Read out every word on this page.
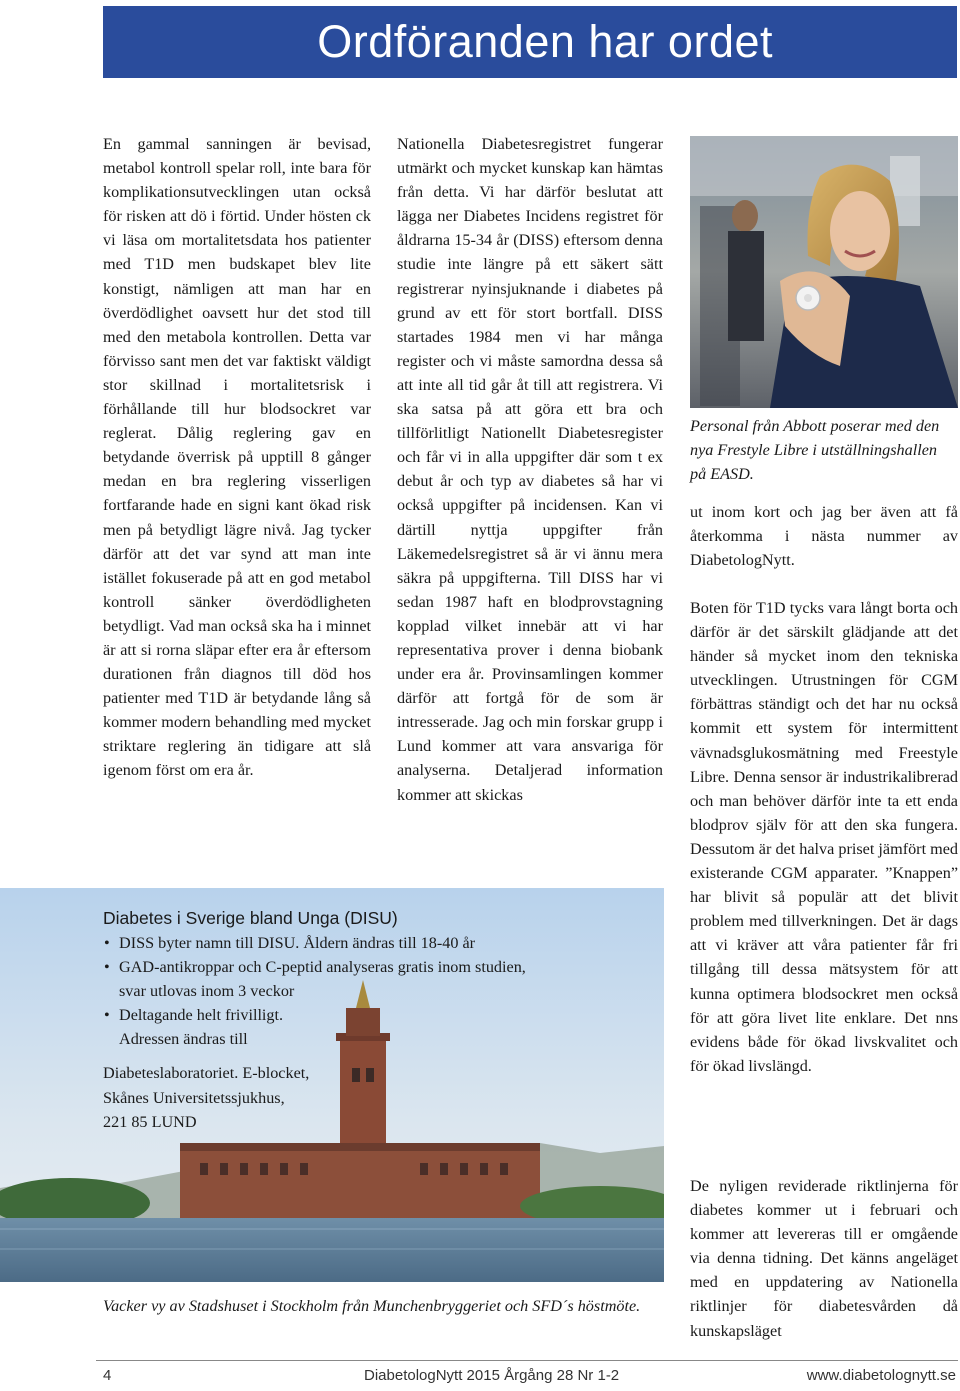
Ordföranden har ordet

En gammal sanningen är bevisad, metabol kontroll spelar roll, inte bara för komplikationsutvecklingen utan också för risken att dö i förtid. Under hösten ck vi läsa om mortalitetsdata hos patienter med T1D men budskapet blev lite konstigt, nämligen att man har en överdödlighet oavsett hur det stod till med den metabola kontrollen. Detta var förvisso sant men det var faktiskt väldigt stor skillnad i mortalitetsrisk i förhållande till hur blodsockret var reglerat. Dålig reglering gav en betydande överrisk på upptill 8 gånger medan en bra reglering visserligen fortfarande hade en signi kant ökad risk men på betydligt lägre nivå. Jag tycker därför att det var synd att man inte istället fokuserade på att en god metabol kontroll sänker överdödligheten betydligt. Vad man också ska ha i minnet är att si rorna släpar efter era år eftersom durationen från diagnos till död hos patienter med T1D är betydande lång så kommer modern behandling med mycket striktare reglering än tidigare att slå igenom först om era år.

Nationella Diabetesregistret fungerar utmärkt och mycket kunskap kan hämtas från detta. Vi har därför beslutat att lägga ner Diabetes Incidens registret för åldrarna 15-34 år (DISS) eftersom denna studie inte längre på ett säkert sätt registrerar nyinsjuknande i diabetes på grund av ett för stort bortfall. DISS startades 1984 men vi har många register och vi måste samordna dessa så att inte all tid går åt till att registrera. Vi ska satsa på att göra ett bra och tillförlitligt Nationellt Diabetesregister och får vi in alla uppgifter där som t ex debut år och typ av diabetes så har vi också uppgifter på incidensen. Kan vi därtill nyttja uppgifter från Läkemedelsregistret så är vi ännu mera säkra på uppgifterna. Till DISS har vi sedan 1987 haft en blodprovstagning kopplad vilket innebär att vi har representativa prover i denna biobank under era år. Provinsamlingen kommer därför att fortgå för de som är intresserade. Jag och min forskar grupp i Lund kommer att vara ansvariga för analyserna. Detaljerad information kommer att skickas

Personal från Abbott poserar med den nya Frestyle Libre i utställningshallen på EASD.

ut inom kort och jag ber även att få återkomma i nästa nummer av DiabetologNytt.

Boten för T1D tycks vara långt borta och därför är det särskilt glädjande att det händer så mycket inom den tekniska utvecklingen. Utrustningen för CGM förbättras ständigt och det har nu också kommit ett system för intermittent vävnadsglukosmätning med Freestyle Libre. Denna sensor är industrikalibrerad och man behöver därför inte ta ett enda blodprov själv för att den ska fungera. Dessutom är det halva priset jämfört med existerande CGM apparater. ”Knappen” har blivit så populär att det blivit problem med tillverkningen. Det är dags att vi kräver att våra patienter får fri tillgång till dessa mätsystem för att kunna optimera blodsockret men också för att göra livet lite enklare. Det nns evidens både för ökad livskvalitet och för ökad livslängd.

De nyligen reviderade riktlinjerna för diabetes kommer ut i februari och kommer att levereras till er omgående via denna tidning. Det känns angeläget med en uppdatering av Nationella riktlinjer för diabetesvården då kunskapsläget

Diabetes i Sverige bland Unga (DISU)
• DISS byter namn till DISU. Åldern ändras till 18-40 år
• GAD-antikroppar och C-peptid analyseras gratis inom studien,
svar utlovas inom 3 veckor
• Deltagande helt frivilligt.
Adressen ändras till
Diabeteslaboratoriet. E-blocket,
Skånes Universitetssjukhus,
221 85 LUND

Vacker vy av Stadshuset i Stockholm från Munchenbryggeriet och SFD´s höstmöte.

4	DiabetologNytt 2015 Årgång 28 Nr 1-2	www.diabetolognytt.se
